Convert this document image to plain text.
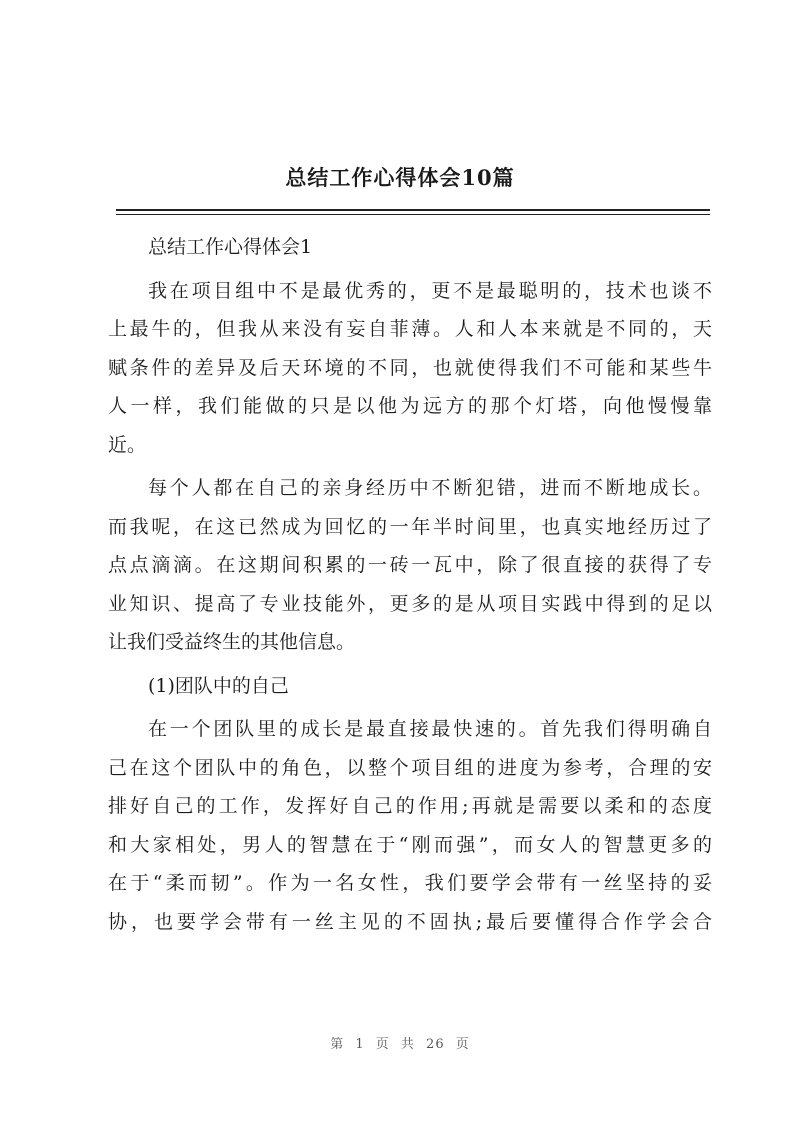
总结工作心得体会10篇
总结工作心得体会1
我在项目组中不是最优秀的，更不是最聪明的，技术也谈不
上最牛的，但我从来没有妄自菲薄。人和人本来就是不同的，天
赋条件的差异及后天环境的不同，也就使得我们不可能和某些牛
人一样，我们能做的只是以他为远方的那个灯塔，向他慢慢靠
近。
每个人都在自己的亲身经历中不断犯错，进而不断地成长。
而我呢，在这已然成为回忆的一年半时间里，也真实地经历过了
点点滴滴。在这期间积累的一砖一瓦中，除了很直接的获得了专
业知识、提高了专业技能外，更多的是从项目实践中得到的足以
让我们受益终生的其他信息。
(1)团队中的自己
在一个团队里的成长是最直接最快速的。首先我们得明确自
己在这个团队中的角色，以整个项目组的进度为参考，合理的安
排好自己的工作，发挥好自己的作用;再就是需要以柔和的态度
和大家相处，男人的智慧在于“刚而强”，而女人的智慧更多的
在于“柔而韧”。作为一名女性，我们要学会带有一丝坚持的妥
协，也要学会带有一丝主见的不固执;最后要懂得合作学会合
第 1 页 共 26 页
